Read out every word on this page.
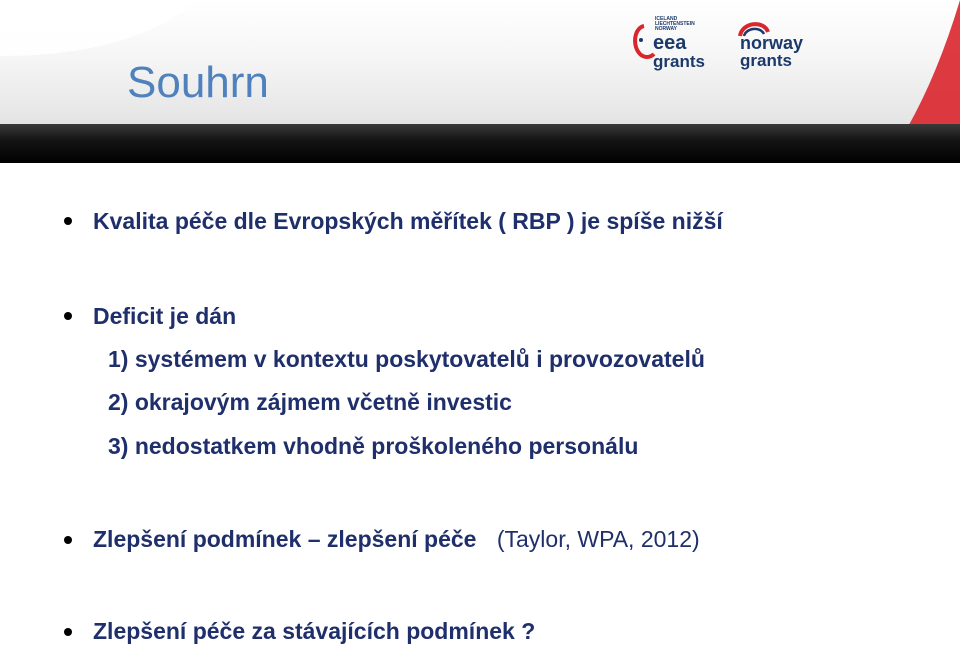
Souhrn
ICELAND
LIECHTENSTEIN
NORWAY
eea
grants
norway
grants
Kvalita péče dle Evropských měřítek ( RBP ) je spíše nižší
Deficit je dán
1) systémem v kontextu poskytovatelů i provozovatelů
2) okrajovým zájmem včetně investic
3) nedostatkem vhodně proškoleného personálu
Zlepšení podmínek – zlepšení péče (Taylor, WPA, 2012)
Zlepšení péče za stávajících podmínek ?
